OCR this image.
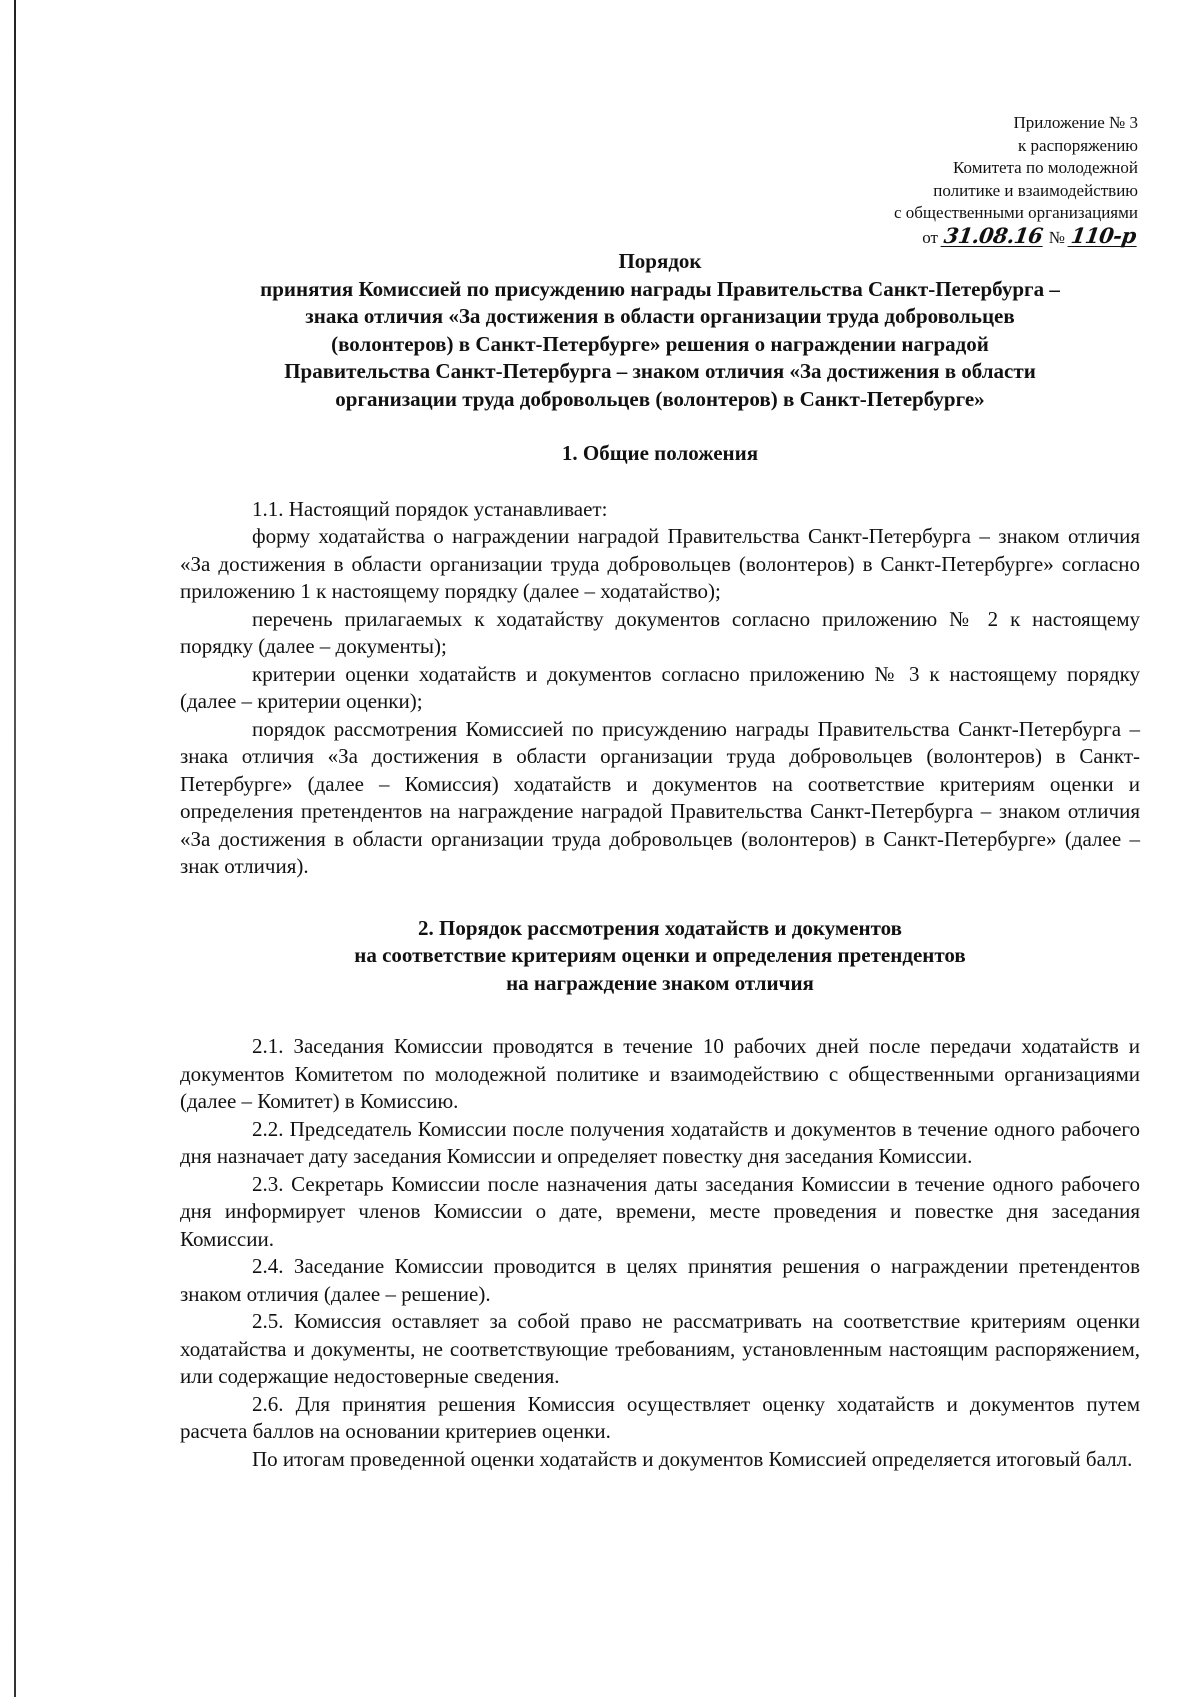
Приложение № 3
к распоряжению
Комитета по молодежной
политике и взаимодействию
с общественными организациями
от 31.08.16 № 110-р
Порядок
принятия Комиссией по присуждению награды Правительства Санкт-Петербурга –
знака отличия «За достижения в области организации труда добровольцев
(волонтеров) в Санкт-Петербурге» решения о награждении наградой
Правительства Санкт-Петербурга – знаком отличия «За достижения в области
организации труда добровольцев (волонтеров) в Санкт-Петербурге»
1. Общие положения

1.1. Настоящий порядок устанавливает:

форму ходатайства о награждении наградой Правительства Санкт-Петербурга – знаком отличия «За достижения в области организации труда добровольцев (волонтеров) в Санкт-Петербурге» согласно приложению 1 к настоящему порядку (далее – ходатайство);

перечень прилагаемых к ходатайству документов согласно приложению № 2 к настоящему порядку (далее – документы);

критерии оценки ходатайств и документов согласно приложению № 3 к настоящему порядку (далее – критерии оценки);

порядок рассмотрения Комиссией по присуждению награды Правительства Санкт-Петербурга – знака отличия «За достижения в области организации труда добровольцев (волонтеров) в Санкт-Петербурге» (далее – Комиссия) ходатайств и документов на соответствие критериям оценки и определения претендентов на награждение наградой Правительства Санкт-Петербурга – знаком отличия «За достижения в области организации труда добровольцев (волонтеров) в Санкт-Петербурге» (далее – знак отличия).

2. Порядок рассмотрения ходатайств и документов
на соответствие критериям оценки и определения претендентов
на награждение знаком отличия

2.1. Заседания Комиссии проводятся в течение 10 рабочих дней после передачи ходатайств и документов Комитетом по молодежной политике и взаимодействию с общественными организациями (далее – Комитет) в Комиссию.

2.2. Председатель Комиссии после получения ходатайств и документов в течение одного рабочего дня назначает дату заседания Комиссии и определяет повестку дня заседания Комиссии.

2.3. Секретарь Комиссии после назначения даты заседания Комиссии в течение одного рабочего дня информирует членов Комиссии о дате, времени, месте проведения и повестке дня заседания Комиссии.

2.4. Заседание Комиссии проводится в целях принятия решения о награждении претендентов знаком отличия (далее – решение).

2.5. Комиссия оставляет за собой право не рассматривать на соответствие критериям оценки ходатайства и документы, не соответствующие требованиям, установленным настоящим распоряжением, или содержащие недостоверные сведения.

2.6. Для принятия решения Комиссия осуществляет оценку ходатайств и документов путем расчета баллов на основании критериев оценки.

По итогам проведенной оценки ходатайств и документов Комиссией определяется итоговый балл.
